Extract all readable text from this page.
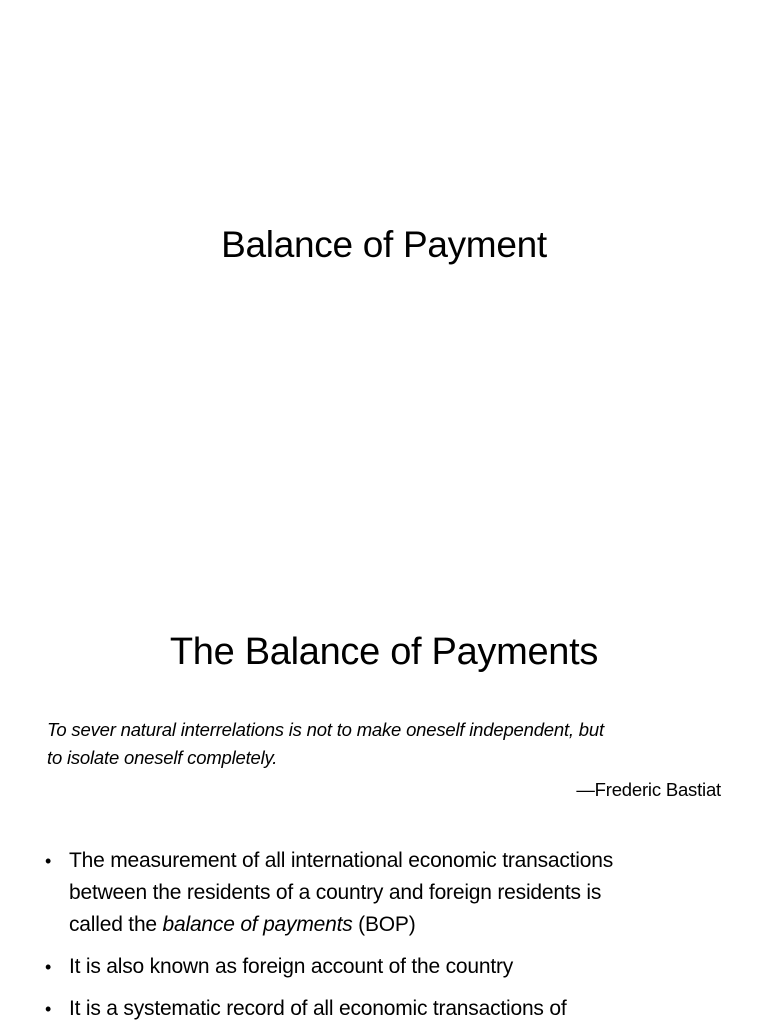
Balance of Payment
The Balance of Payments
To sever natural interrelations is not to make oneself independent, but
to isolate oneself completely.
—Frederic Bastiat
• The measurement of all international economic transactions
between the residents of a country and foreign residents is
called the balance of payments (BOP)
• It is also known as foreign account of the country
• It is a systematic record of all economic transactions of
